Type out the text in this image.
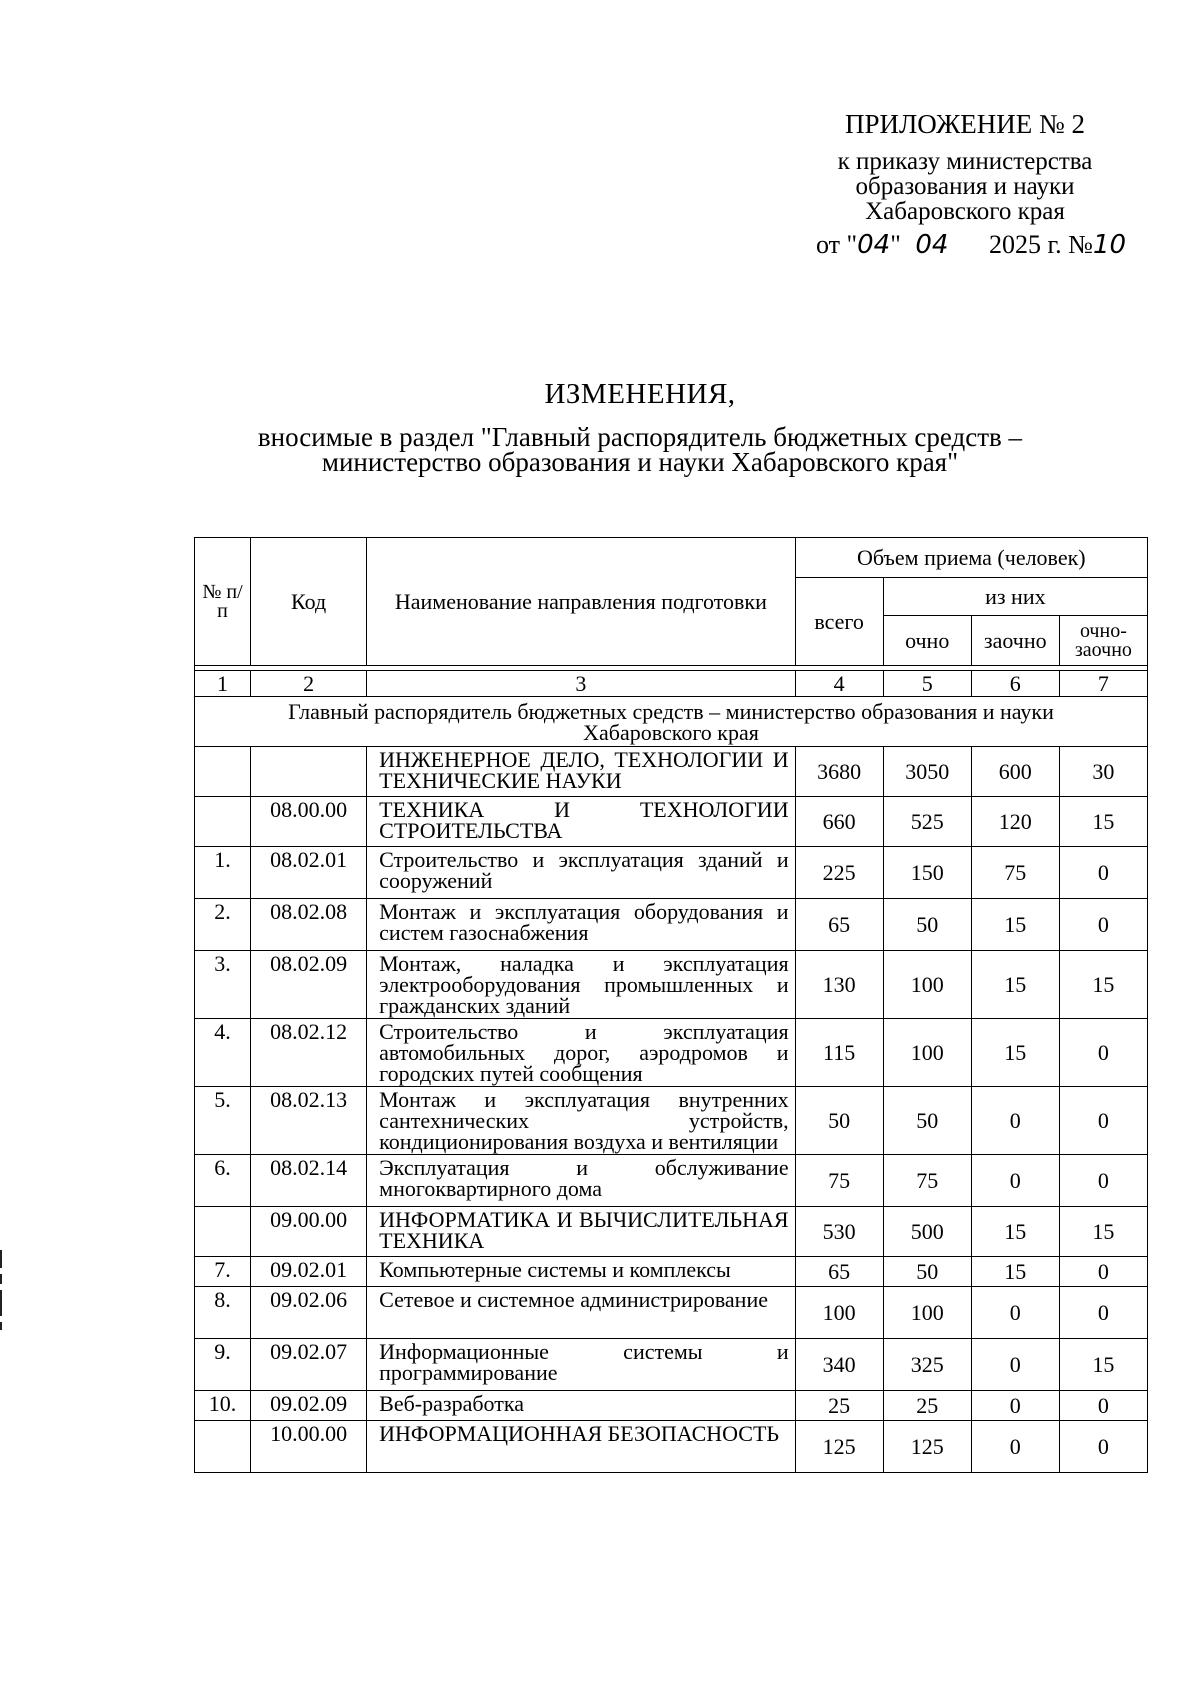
ПРИЛОЖЕНИЕ № 2
к приказу министерства
образования и науки
Хабаровского края
от "04" 04 2025 г. №10
ИЗМЕНЕНИЯ,
вносимые в раздел "Главный распорядитель бюджетных средств –
министерство образования и науки Хабаровского края"
№ п/п	Код	Наименование направления подготовки	Объем приема (человек)			
			всего	из них		
				очно	заочно	очно-заочно

1	2	3	4	5	6	7
Главный распорядитель бюджетных средств – министерство образования и науки Хабаровского края						
		ИНЖЕНЕРНОЕ ДЕЛО, ТЕХНОЛОГИИ И ТЕХНИЧЕСКИЕ НАУКИ	3680	3050	600	30
	08.00.00	ТЕХНИКА И ТЕХНОЛОГИИ СТРОИТЕЛЬСТВА	660	525	120	15
1.	08.02.01	Строительство и эксплуатация зданий и сооружений	225	150	75	0
2.	08.02.08	Монтаж и эксплуатация оборудования и систем газоснабжения	65	50	15	0
3.	08.02.09	Монтаж, наладка и эксплуатация электрооборудования промышленных и гражданских зданий	130	100	15	15
4.	08.02.12	Строительство и эксплуатация автомобильных дорог, аэродромов и городских путей сообщения	115	100	15	0
5.	08.02.13	Монтаж и эксплуатация внутренних сантехнических устройств, кондиционирования воздуха и вентиляции	50	50	0	0
6.	08.02.14	Эксплуатация и обслуживание многоквартирного дома	75	75	0	0
	09.00.00	ИНФОРМАТИКА И ВЫЧИСЛИТЕЛЬНАЯ ТЕХНИКА	530	500	15	15
7.	09.02.01	Компьютерные системы и комплексы	65	50	15	0
8.	09.02.06	Сетевое и системное администрирование	100	100	0	0
9.	09.02.07	Информационные системы и программирование	340	325	0	15
10.	09.02.09	Веб-разработка	25	25	0	0
	10.00.00	ИНФОРМАЦИОННАЯ БЕЗОПАСНОСТЬ	125	125	0	0
